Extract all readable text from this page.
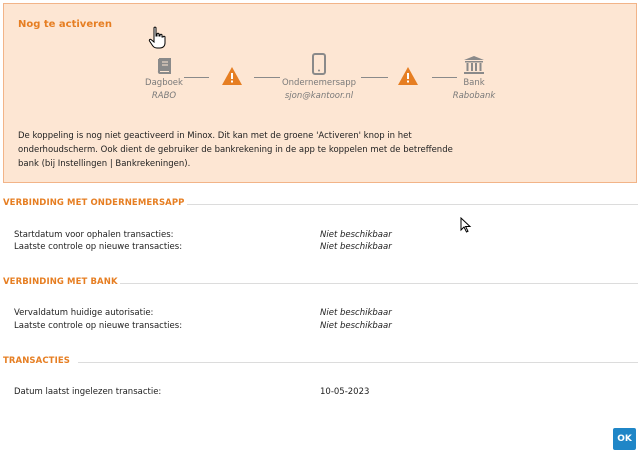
Nog te activeren
Dagboek
RABO
Ondernemersapp
sjon@kantoor.nl
Bank
Rabobank
De koppeling is nog niet geactiveerd in Minox. Dit kan met de groene 'Activeren' knop in het
onderhoudscherm. Ook dient de gebruiker de bankrekening in de app te koppelen met de betreffende
bank (bij Instellingen | Bankrekeningen).
VERBINDING MET ONDERNEMERSAPP
Startdatum voor ophalen transacties:	Niet beschikbaar
Laatste controle op nieuwe transacties:	Niet beschikbaar
VERBINDING MET BANK
Vervaldatum huidige autorisatie:	Niet beschikbaar
Laatste controle op nieuwe transacties:	Niet beschikbaar
TRANSACTIES
Datum laatst ingelezen transactie:	10-05-2023
OK
